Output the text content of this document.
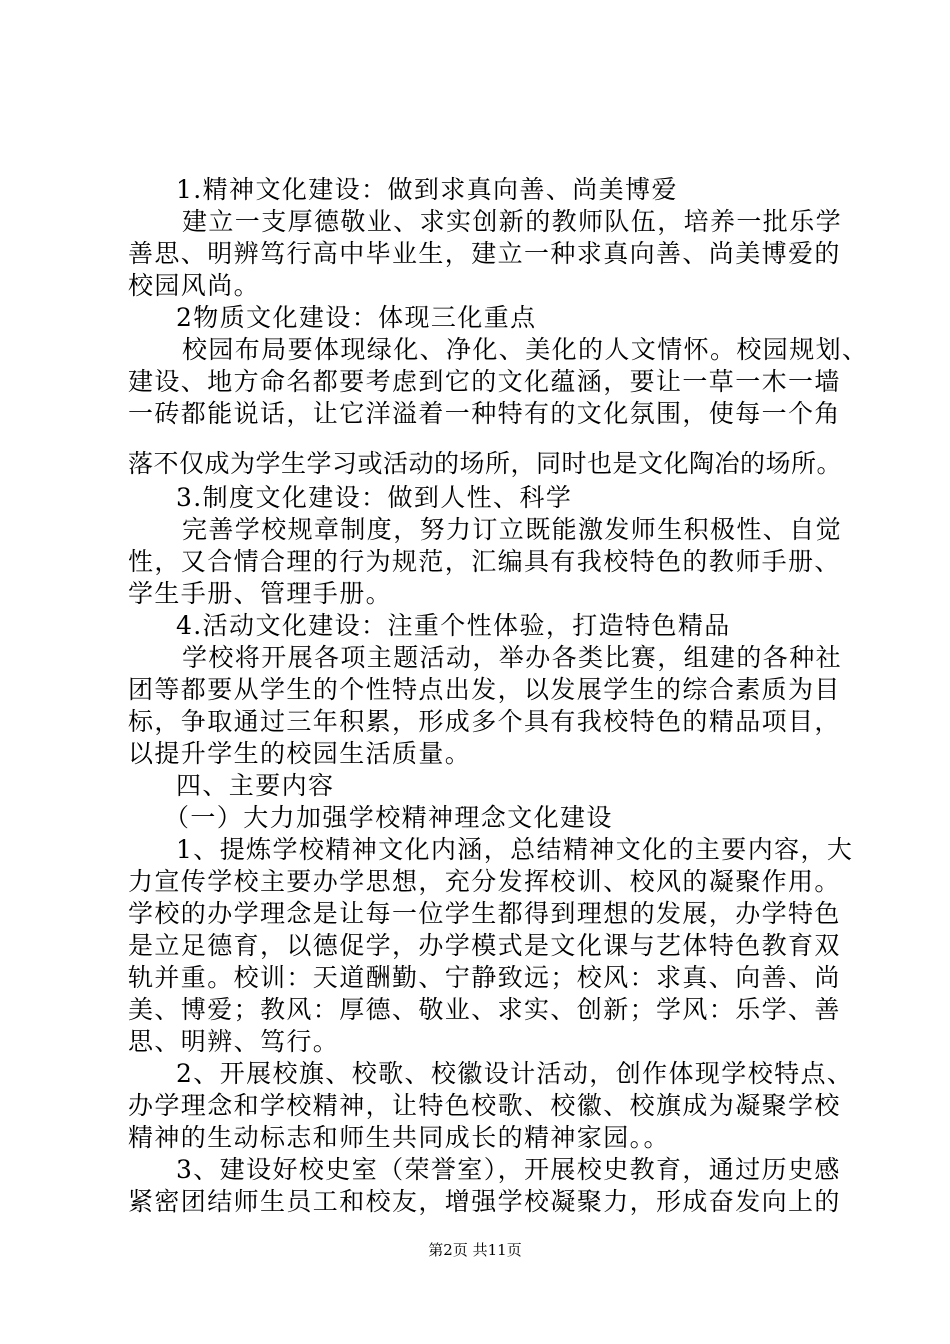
1.精神文化建设：做到求真向善、尚美博爱
建立一支厚德敬业、求实创新的教师队伍，培养一批乐学
善思、明辨笃行高中毕业生，建立一种求真向善、尚美博爱的
校园风尚。
2物质文化建设：体现三化重点
校园布局要体现绿化、净化、美化的人文情怀。校园规划、
建设、地方命名都要考虑到它的文化蕴涵，要让一草一木一墙
一砖都能说话，让它洋溢着一种特有的文化氛围，使每一个角
落不仅成为学生学习或活动的场所，同时也是文化陶冶的场所。
3.制度文化建设：做到人性、科学
完善学校规章制度，努力订立既能激发师生积极性、自觉
性，又合情合理的行为规范，汇编具有我校特色的教师手册、
学生手册、管理手册。
4.活动文化建设：注重个性体验，打造特色精品
学校将开展各项主题活动，举办各类比赛，组建的各种社
团等都要从学生的个性特点出发，以发展学生的综合素质为目
标，争取通过三年积累，形成多个具有我校特色的精品项目，
以提升学生的校园生活质量。
四、主要内容
（一）大力加强学校精神理念文化建设
1、提炼学校精神文化内涵，总结精神文化的主要内容，大
力宣传学校主要办学思想，充分发挥校训、校风的凝聚作用。
学校的办学理念是让每一位学生都得到理想的发展，办学特色
是立足德育，以德促学，办学模式是文化课与艺体特色教育双
轨并重。校训：天道酬勤、宁静致远；校风：求真、向善、尚
美、博爱；教风：厚德、敬业、求实、创新；学风：乐学、善
思、明辨、笃行。
2、开展校旗、校歌、校徽设计活动，创作体现学校特点、
办学理念和学校精神，让特色校歌、校徽、校旗成为凝聚学校
精神的生动标志和师生共同成长的精神家园。。
3、建设好校史室（荣誉室），开展校史教育，通过历史感
紧密团结师生员工和校友，增强学校凝聚力，形成奋发向上的
第2页 共11页
